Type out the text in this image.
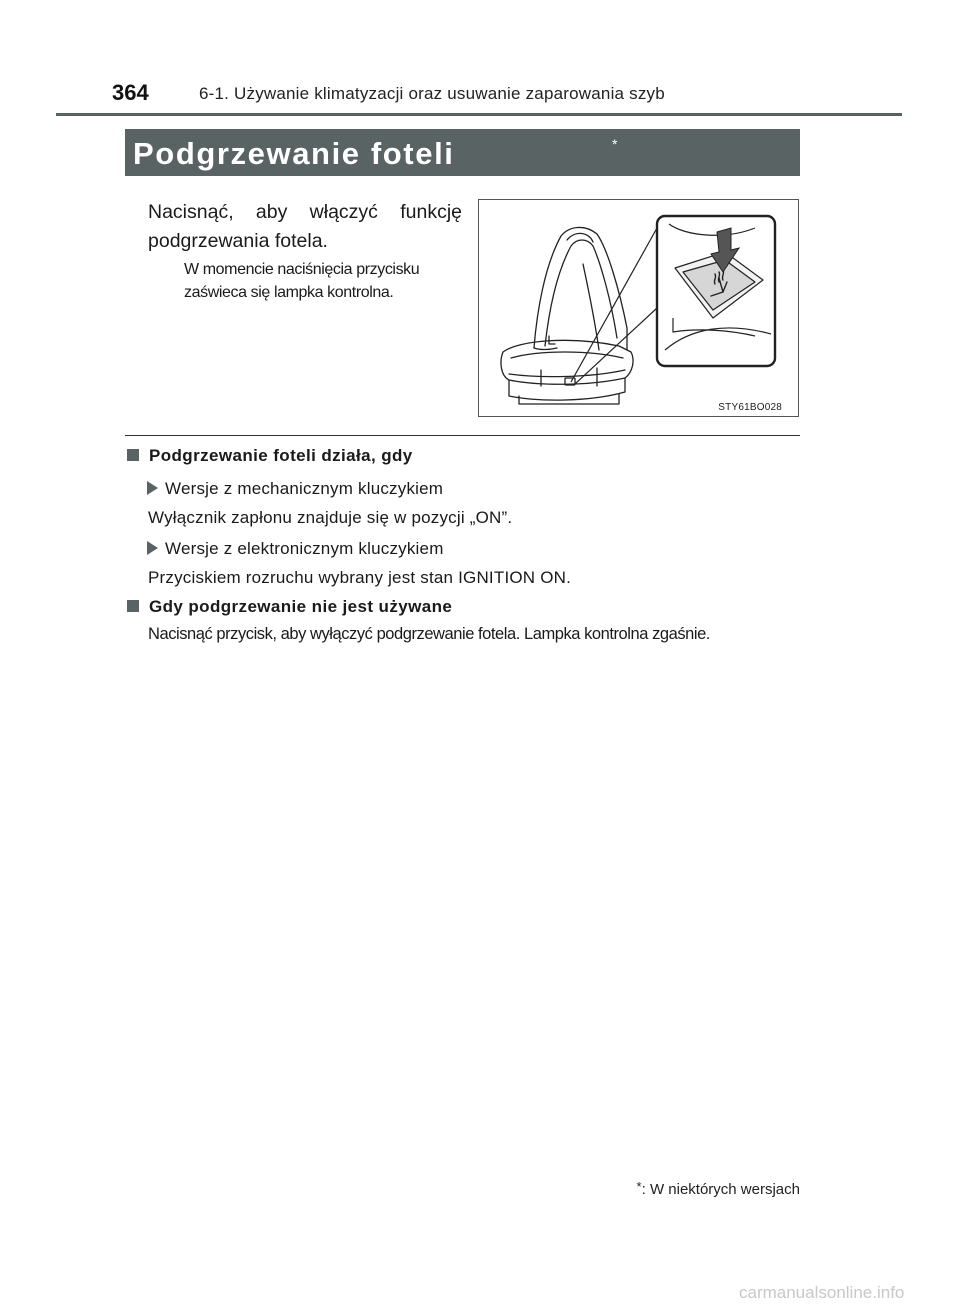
364	6-1. Używanie klimatyzacji oraz usuwanie zaparowania szyb
Podgrzewanie foteli	*
Nacisnąć, aby włączyć funkcję podgrzewania fotela.
W momencie naciśnięcia przycisku zaświeca się lampka kontrolna.
STY61BO028
Podgrzewanie foteli działa, gdy
Wersje z mechanicznym kluczykiem
Wyłącznik zapłonu znajduje się w pozycji „ON”.
Wersje z elektronicznym kluczykiem
Przyciskiem rozruchu wybrany jest stan IGNITION ON.
Gdy podgrzewanie nie jest używane
Nacisnąć przycisk, aby wyłączyć podgrzewanie fotela. Lampka kontrolna zgaśnie.
*: W niektórych wersjach
carmanualsonline.info
